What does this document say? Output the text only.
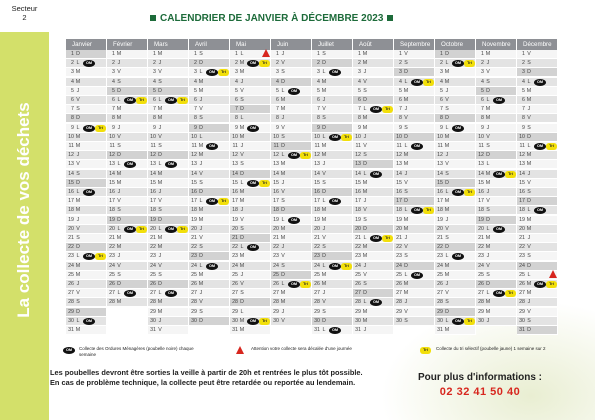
Secteur
2
La collecte de vos déchets
CALENDRIER DE JANVIER À DÉCEMBRE 2023
Janvier
1 D
2 L	OM
3 M
4 M
5 J
6 V
7 S
8 D
9 L	OM	Tri
10 M
11 M
12 J
13 V
14 S
15 D
16 L	OM
17 M
18 M
19 J
20 V
21 S
22 D
23 L	OM	Tri
24 M
25 M
26 J
27 V
28 S
29 D
30 L	OM
31 M
Février
1 M
2 J
3 V
4 S
5 D
6 L	OM	Tri
7 M
8 M
9 J
10 V
11 S
12 D
13 L	OM
14 M
15 M
16 J
17 V
18 S
19 D
20 L	OM	Tri
21 M
22 M
23 J
24 V
25 S
26 D
27 L	OM
28 M
Mars
1 M
2 J
3 V
4 S
5 D
6 L	OM	Tri
7 M
8 M
9 J
10 V
11 S
12 D
13 L	OM
14 M
15 M
16 J
17 V
18 S
19 D
20 L	OM	Tri
21 M
22 M
23 J
24 V
25 S
26 D
27 L	OM
28 M
29 M
30 J
31 V
Avril
1 S
2 D
3 L	OM	Tri
4 M
5 M
6 J
7 V
8 S
9 D
10 L
11 M	OM
12 M
13 J
14 V
15 S
16 D
17 L	OM	Tri
18 M
19 M
20 J
21 V
22 S
23 D
24 L	OM
25 M
26 M
27 J
28 V
29 S
30 D
Mai
1 L
2 M	OM	Tri
3 M
4 J
5 V
6 S
7 D
8 L
9 M	OM
10 M
11 J
12 V
13 S
14 D
15 L	OM	Tri
16 M
17 M
18 J
19 V
20 S
21 D
22 L	OM
23 M
24 M
25 J
26 V
27 S
28 D
29 L
30 M	OM	Tri
31 M
Juin
1 J
2 V
3 S
4 D
5 L	OM
6 M
7 M
8 J
9 V
10 S
11 D
12 L	OM	Tri
13 M
14 M
15 J
16 V
17 S
18 D
19 L	OM
20 M
21 M
22 J
23 V
24 S
25 D
26 L	OM	Tri
27 M
28 M
29 J
30 V
Juillet
1 S
2 D
3 L	OM
4 M
5 M
6 J
7 V
8 S
9 D
10 L	OM	Tri
11 M
12 M
13 J
14 V
15 S
16 D
17 L	OM
18 M
19 M
20 J
21 V
22 S
23 D
24 L	OM	Tri
25 M
26 M
27 J
28 V
29 S
30 D
31 L	OM
Août
1 M
2 M
3 J
4 V
5 S
6 D
7 L	OM	Tri
8 M
9 M
10 J
11 V
12 S
13 D
14 L	OM
15 M
16 M
17 J
18 V
19 S
20 D
21 L	OM	Tri
22 M
23 M
24 J
25 V
26 S
27 D
28 L	OM
29 M
30 M
31 J
Septembre
1 V
2 S
3 D
4 L	OM	Tri
5 M
6 M
7 J
8 V
9 S
10 D
11 L	OM
12 M
13 M
14 J
15 V
16 S
17 D
18 L	OM	Tri
19 M
20 M
21 J
22 V
23 S
24 D
25 L	OM
26 M
27 M
28 J
29 V
30 S
Octobre
1 D
2 L	OM	Tri
3 M
4 M
5 J
6 V
7 S
8 D
9 L	OM
10 M
11 M
12 J
13 V
14 S
15 D
16 L	OM	Tri
17 M
18 M
19 J
20 V
21 S
22 D
23 L	OM
24 M
25 M
26 J
27 V
28 S
29 D
30 L	OM	Tri
31 M
Novembre
1 M
2 J
3 V
4 S
5 D
6 L	OM
7 M
8 M
9 J
10 V
11 S
12 D
13 L
14 M	OM	Tri
15 M
16 J
17 V
18 S
19 D
20 L	OM
21 M
22 M
23 J
24 V
25 S
26 D
27 L	OM	Tri
28 M
29 M
30 J
Décembre
1 V
2 S
3 D
4 L	OM
5 M
6 M
7 J
8 V
9 S
10 D
11 L	OM	Tri
12 M
13 M
14 J
15 V
16 S
17 D
18 L	OM
19 M
20 M
21 J
22 V
23 S
24 D
25 L
26 M	OM	Tri
27 M
28 J
29 V
30 S
31 D
OM	Collecte des Ordures Ménagères (poubelle noire) chaque semaine
Attention votre collecte sera décalée d'une journée	Tri	Collecte du tri sélectif (poubelle jaune) 1 semaine sur 2

Les poubelles devront être sorties la veille à partir de 20h et rentrées le plus tôt possible.

En cas de problème technique, la collecte peut être retardée ou reportée au lendemain.	Pour plus d'informations :
02 32 41 50 40
